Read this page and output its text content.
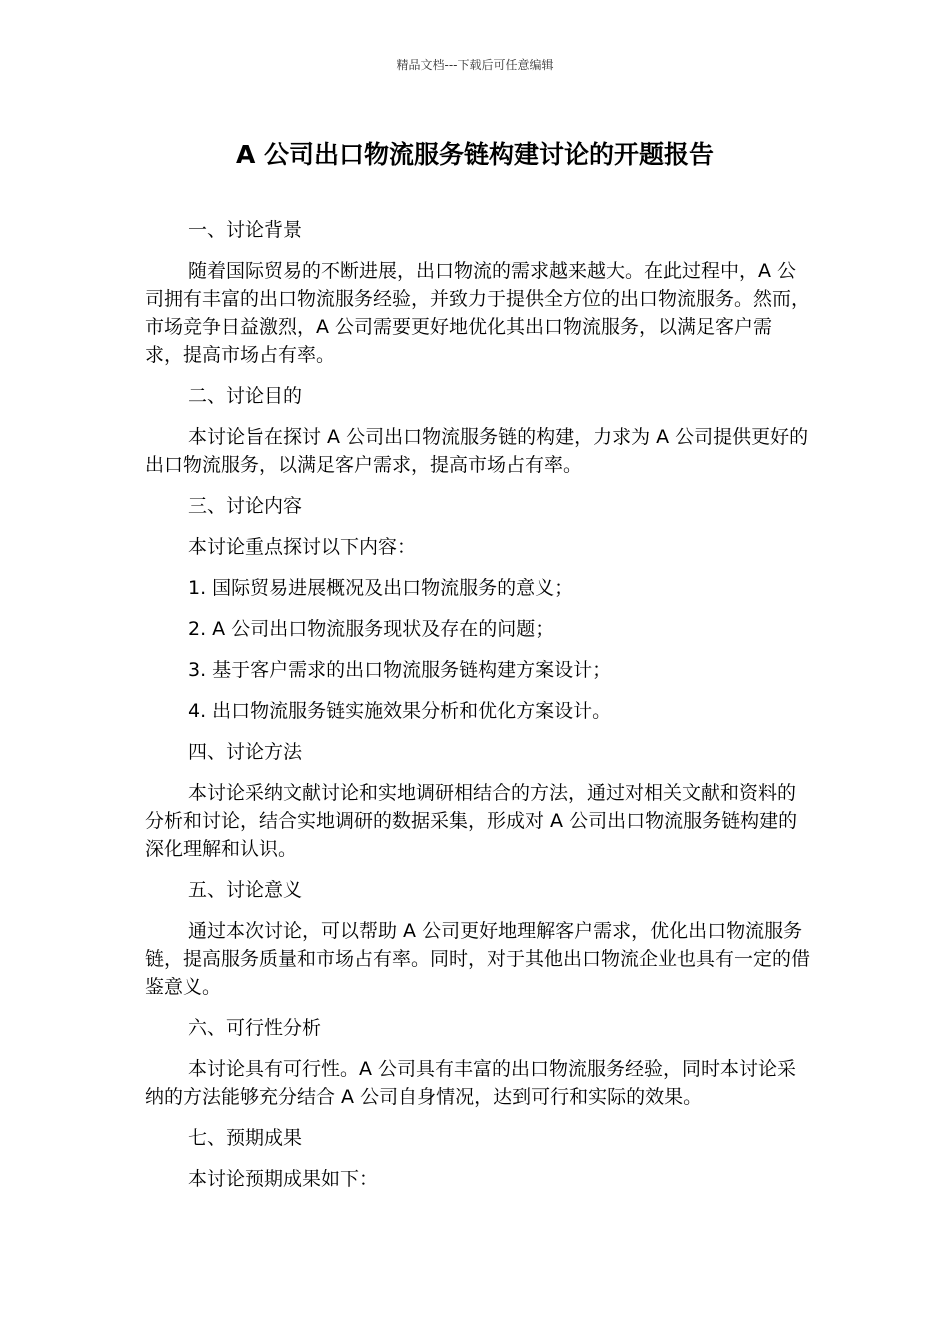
精品文档---下载后可任意编辑
A 公司出口物流服务链构建讨论的开题报告

一、讨论背景

随着国际贸易的不断进展，出口物流的需求越来越大。在此过程中，A 公司拥有丰富的出口物流服务经验，并致力于提供全方位的出口物流服务。然而，市场竞争日益激烈，A 公司需要更好地优化其出口物流服务，以满足客户需求，提高市场占有率。

二、讨论目的

本讨论旨在探讨 A 公司出口物流服务链的构建，力求为 A 公司提供更好的出口物流服务，以满足客户需求，提高市场占有率。

三、讨论内容

本讨论重点探讨以下内容：

1. 国际贸易进展概况及出口物流服务的意义；

2. A 公司出口物流服务现状及存在的问题；

3. 基于客户需求的出口物流服务链构建方案设计；

4. 出口物流服务链实施效果分析和优化方案设计。

四、讨论方法

本讨论采纳文献讨论和实地调研相结合的方法，通过对相关文献和资料的分析和讨论，结合实地调研的数据采集，形成对 A 公司出口物流服务链构建的深化理解和认识。

五、讨论意义

通过本次讨论，可以帮助 A 公司更好地理解客户需求，优化出口物流服务链，提高服务质量和市场占有率。同时，对于其他出口物流企业也具有一定的借鉴意义。

六、可行性分析

本讨论具有可行性。A 公司具有丰富的出口物流服务经验，同时本讨论采纳的方法能够充分结合 A 公司自身情况，达到可行和实际的效果。

七、预期成果

本讨论预期成果如下：
